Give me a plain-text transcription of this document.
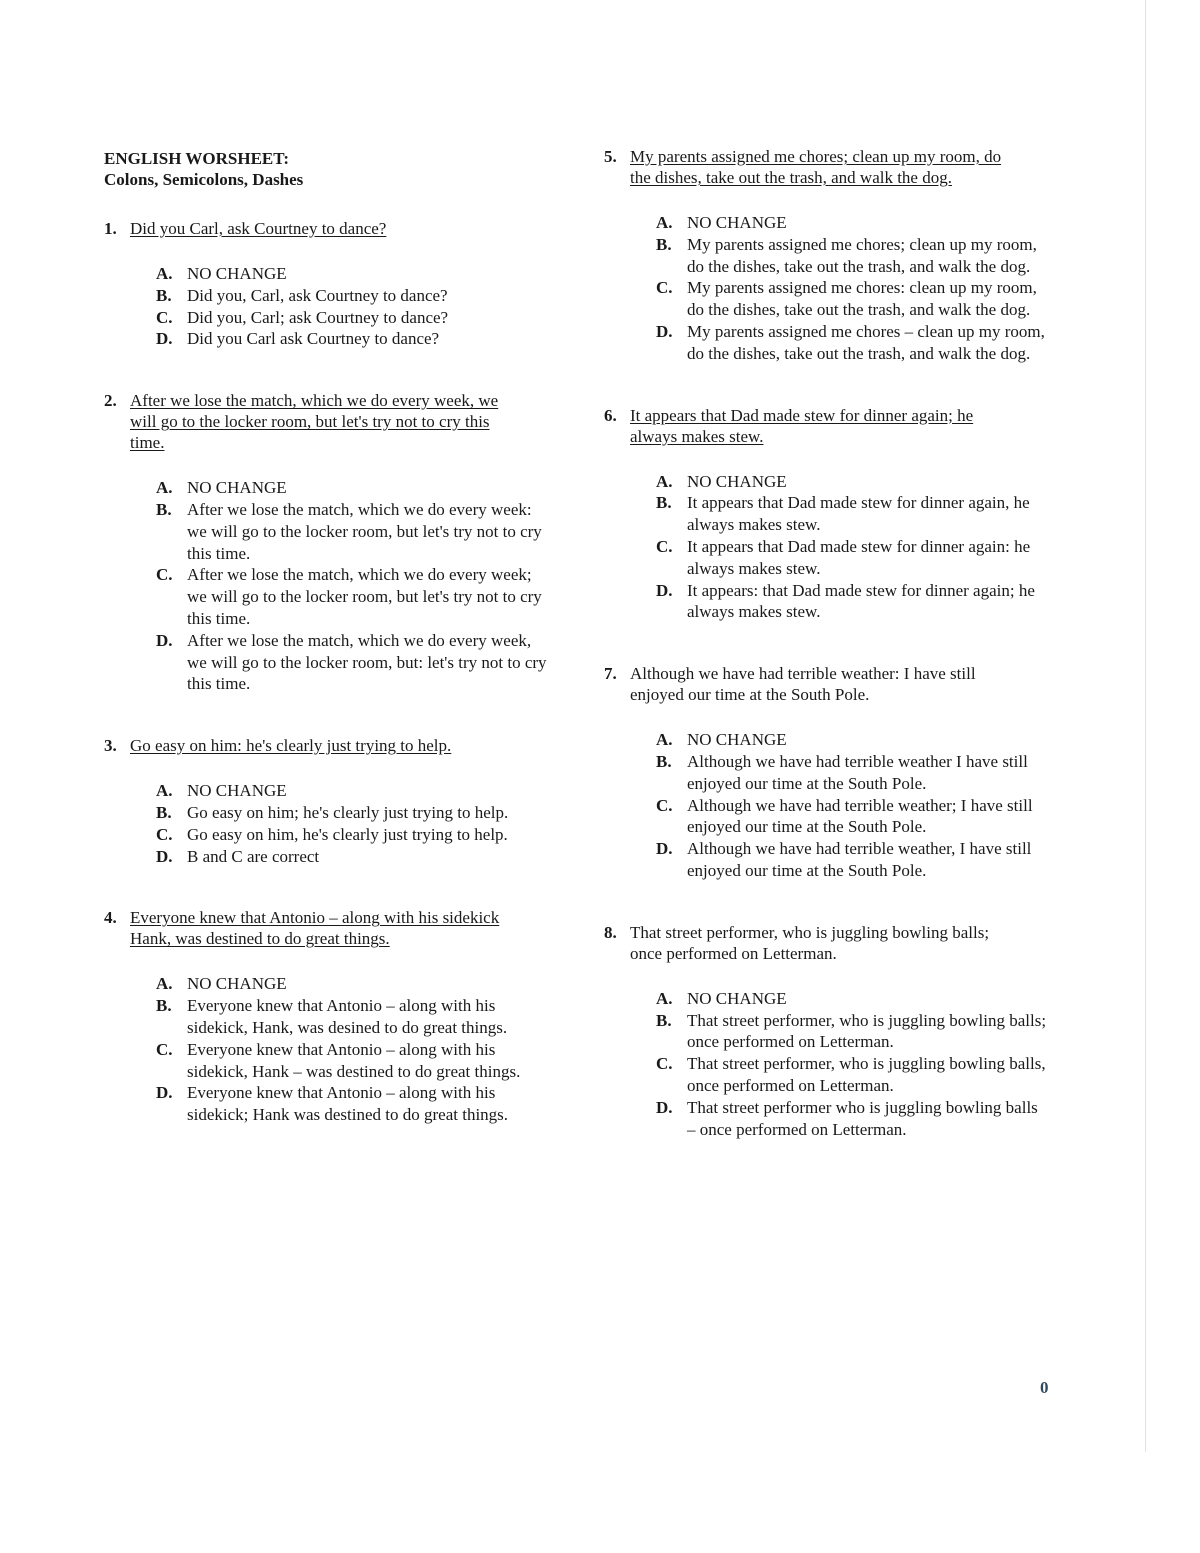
ENGLISH WORSHEET:
Colons, Semicolons, Dashes
1. Did you Carl, ask Courtney to dance?
A. NO CHANGE
B. Did you, Carl, ask Courtney to dance?
C. Did you, Carl; ask Courtney to dance?
D. Did you Carl ask Courtney to dance?
2. After we lose the match, which we do every week, we will go to the locker room, but let's try not to cry this time.
A. NO CHANGE
B. After we lose the match, which we do every week: we will go to the locker room, but let's try not to cry this time.
C. After we lose the match, which we do every week; we will go to the locker room, but let's try not to cry this time.
D. After we lose the match, which we do every week, we will go to the locker room, but: let's try not to cry this time.
3. Go easy on him: he's clearly just trying to help.
A. NO CHANGE
B. Go easy on him; he's clearly just trying to help.
C. Go easy on him, he's clearly just trying to help.
D. B and C are correct
4. Everyone knew that Antonio – along with his sidekick Hank, was destined to do great things.
A. NO CHANGE
B. Everyone knew that Antonio – along with his sidekick, Hank, was desined to do great things.
C. Everyone knew that Antonio – along with his sidekick, Hank – was destined to do great things.
D. Everyone knew that Antonio – along with his sidekick; Hank was destined to do great things.
5. My parents assigned me chores; clean up my room, do the dishes, take out the trash, and walk the dog.
A. NO CHANGE
B. My parents assigned me chores; clean up my room, do the dishes, take out the trash, and walk the dog.
C. My parents assigned me chores: clean up my room, do the dishes, take out the trash, and walk the dog.
D. My parents assigned me chores – clean up my room, do the dishes, take out the trash, and walk the dog.
6. It appears that Dad made stew for dinner again; he always makes stew.
A. NO CHANGE
B. It appears that Dad made stew for dinner again, he always makes stew.
C. It appears that Dad made stew for dinner again: he always makes stew.
D. It appears: that Dad made stew for dinner again; he always makes stew.
7. Although we have had terrible weather: I have still enjoyed our time at the South Pole.
A. NO CHANGE
B. Although we have had terrible weather I have still enjoyed our time at the South Pole.
C. Although we have had terrible weather; I have still enjoyed our time at the South Pole.
D. Although we have had terrible weather, I have still enjoyed our time at the South Pole.
8. That street performer, who is juggling bowling balls; once performed on Letterman.
A. NO CHANGE
B. That street performer, who is juggling bowling balls; once performed on Letterman.
C. That street performer, who is juggling bowling balls, once performed on Letterman.
D. That street performer who is juggling bowling balls – once performed on Letterman.
0
